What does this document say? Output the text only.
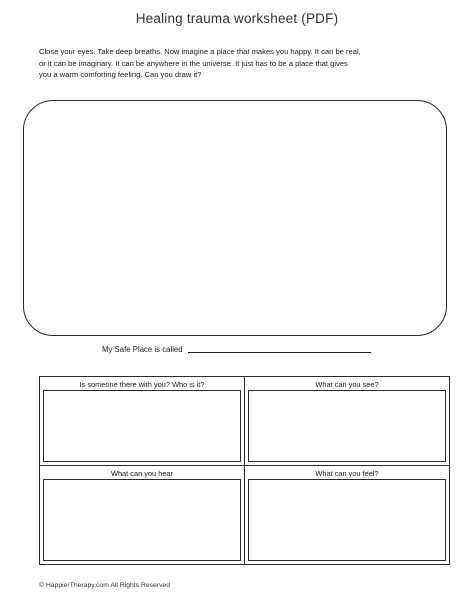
Healing trauma worksheet (PDF)

Close your eyes. Take deep breaths. Now imagine a place that makes you happy. It can be real,
or it can be imaginary. It can be anywhere in the universe. It just has to be a place that gives
you a warm comforting feeling. Can you draw it?

My Safe Place is called
Is someone there with you? Who is it?	What can you see?
What can you hear	What can you feel?
© HappierTherapy.com All Rights Reserved
